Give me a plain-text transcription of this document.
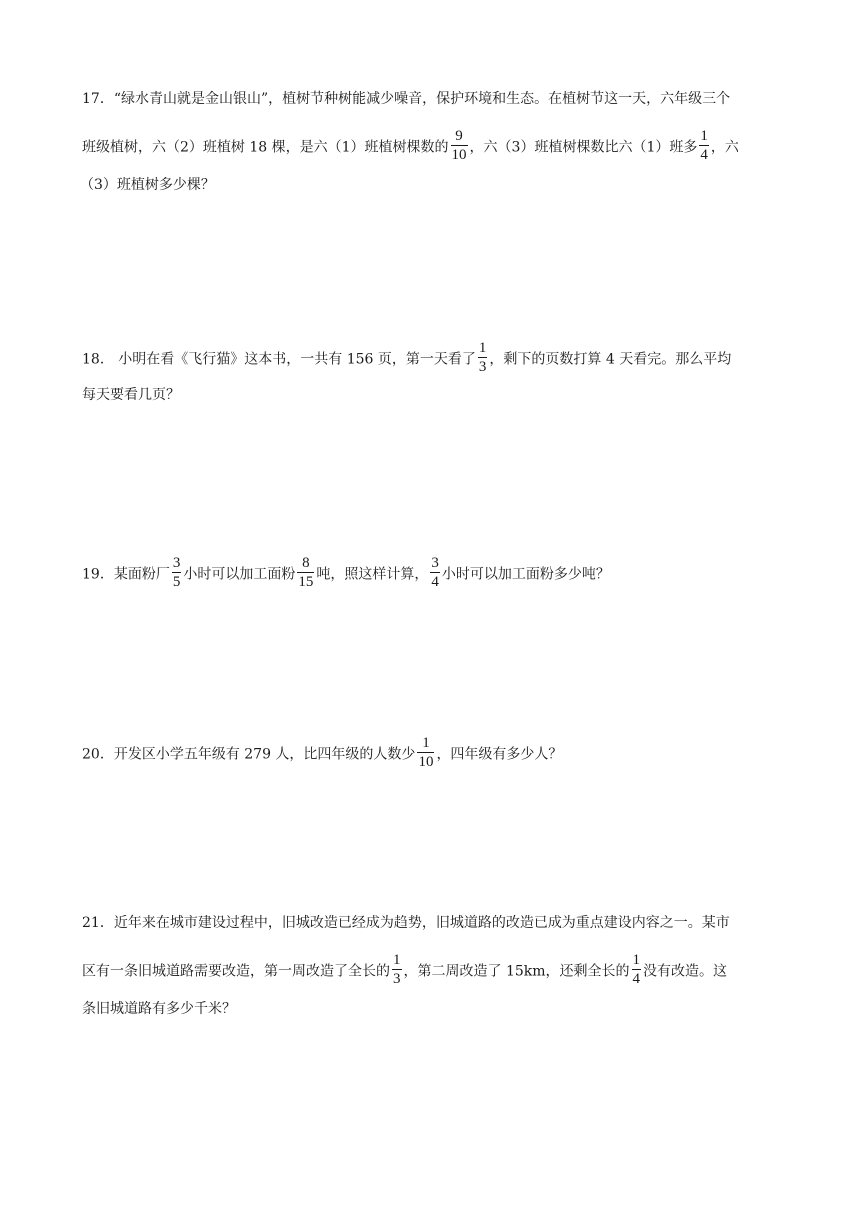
17．“绿水青山就是金山银山”，植树节种树能减少噪音，保护环境和生态。在植树节这一天，六年级三个
班级植树，六（2）班植树 18 棵，是六（1）班植树棵数的 $\frac{9}{10}$ ，六（3）班植树棵数比六（1）班多 $\frac{1}{4}$ ，六
（3）班植树多少棵？
18． 小明在看《飞行猫》这本书，一共有 156 页，第一天看了 $\frac{1}{3}$ ，剩下的页数打算 4 天看完。那么平均
每天要看几页？
19．某面粉厂 $\frac{3}{5}$ 小时可以加工面粉 $\frac{8}{15}$ 吨，照这样计算， $\frac{3}{4}$ 小时可以加工面粉多少吨？
20．开发区小学五年级有 279 人，比四年级的人数少 $\frac{1}{10}$ ，四年级有多少人？
21．近年来在城市建设过程中，旧城改造已经成为趋势，旧城道路的改造已成为重点建设内容之一。某市
区有一条旧城道路需要改造，第一周改造了全长的 $\frac{1}{3}$ ，第二周改造了 15km，还剩全长的 $\frac{1}{4}$ 没有改造。这
条旧城道路有多少千米？
